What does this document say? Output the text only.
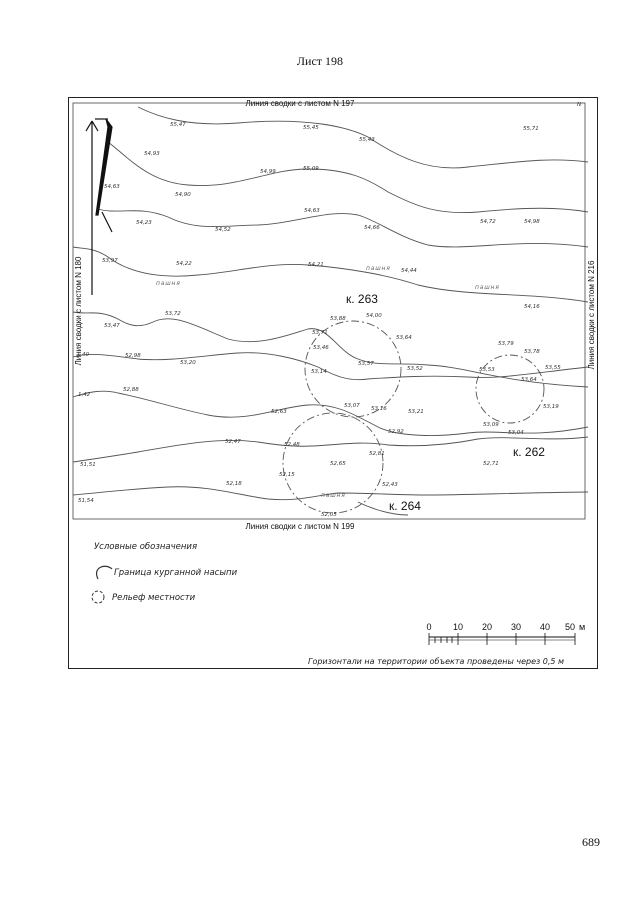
Лист 198
Линия сводки с листом N 197
Линия сводки с листом N 199
Линия сводки с листом N 180	Линия сводки с листом N 216
к. 263
к. 262
к. 264
пашня
пашня
пашня
пашня
55,47	55,45
55,43
55,71
54,93
54,99	55,09
54,63
54,90
54,23
54,52
54,63
54,66
54,72	54,98
53,97	54,22	54,21
54,44
53,72
53,88	54,00
54,16
53,47
53,71
53,46
53,64
53,79
53,78
52,98
53,20	53,57
53,52	53,53	53,55
53,14
53,64
52,88
53,07 53,16	53,21
53,19
52,63
53,09
52,92	53,04
52,47	52,48
52,81
52,65	52,71
52,15
52,18	52,43
52,05
1,42
51,54
51,51
40
N
Условные обозначения
Граница курганной насыпи
Рельеф местности
0 10 20 30 40 50 м
Горизонтали на территории объекта проведены через 0,5 м
689
